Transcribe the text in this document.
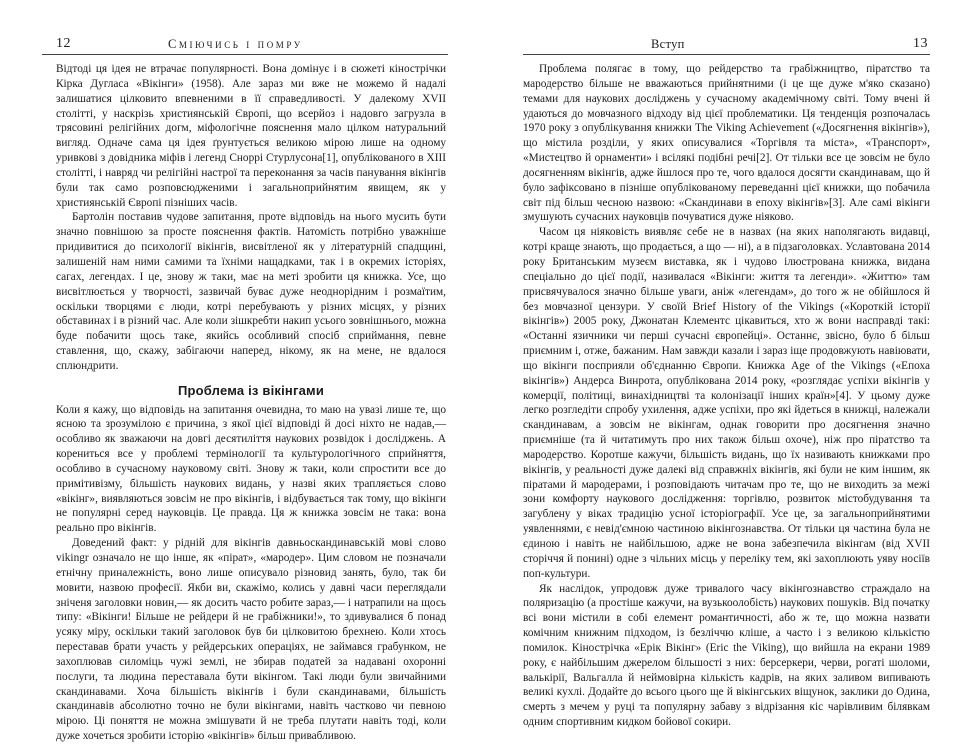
12	Сміючись і помру

Відтоді ця ідея не втрачає популярності. Вона домінує і в сюжеті кінострічки Кірка Дугласа «Вікінги» (1958). Але зараз ми вже не можемо й надалі залишатися цілковито впевненими в її справедливості. У далекому XVII столітті, у наскрізь християнській Європі, що всерйоз і надовго загрузла в трясовині релігійних догм, міфологічне пояснення мало цілком натуральний вигляд. Одначе сама ця ідея ґрунтується великою мірою лише на одному уривкові з довідника міфів і легенд Сноррі Стурлусона[1], опублікованого в XIII столітті, і навряд чи релігійні настрої та переконання за часів панування вікінгів були так само розповсюдженими і загальноприйнятим явищем, як у християнській Європі пізніших часів.

Бартолін поставив чудове запитання, проте відповідь на нього мусить бути значно повнішою за просте пояснення фактів. Натомість потрібно уважніше придивитися до психології вікінгів, висвітленої як у літературній спадщині, залишеній нам ними самими та їхніми нащадками, так і в окремих історіях, сагах, легендах. І це, знову ж таки, має на меті зробити ця книжка. Усе, що висвітлюється у творчості, зазвичай буває дуже неоднорідним і розмаїтим, оскільки творцями є люди, котрі перебувають у різних місцях, у різних обставинах і в різний час. Але коли зішкребти накип усього зовнішнього, можна буде побачити щось таке, якийсь особливий спосіб сприймання, певне ставлення, що, скажу, забігаючи наперед, нікому, як на мене, не вдалося сплюндрити.

Проблема із вікінгами

Коли я кажу, що відповідь на запитання очевидна, то маю на увазі лише те, що ясною та зрозумілою є причина, з якої цієї відповіді й досі ніхто не надав,— особливо як зважаючи на довгі десятиліття наукових розвідок і досліджень. А корениться все у проблемі термінології та культурологічного сприйняття, особливо в сучасному науковому світі. Знову ж таки, коли спростити все до примітивізму, більшість наукових видань, у назві яких трапляється слово «вікінг», виявляються зовсім не про вікінгів, і відбувається так тому, що вікінги не популярні серед науковців. Це правда. Ця ж книжка зовсім не така: вона реально про вікінгів.

Доведений факт: у рідній для вікінгів давньоскандинавській мові слово vikingr означало не що інше, як «пірат», «мародер». Цим словом не позначали етнічну приналежність, воно лише описувало різновид занять, було, так би мовити, назвою професії. Якби ви, скажімо, колись у давні часи переглядали зніченя заголовки новин,— як досить часто робите зараз,— і натрапили на щось типу: «Вікінги! Більше не рейдери й не грабіжники!», то здивувалися б понад усяку міру, оскільки такий заголовок був би цілковитою брехнею. Коли хтось переставав брати участь у рейдерських операціях, не займався грабунком, не захоплював силоміць чужі землі, не збирав податей за надавані охоронні послуги, та людина переставала бути вікінгом. Такі люди були звичайними скандинавами. Хоча більшість вікінгів і були скандинавами, більшість скандинавів абсолютно точно не були вікінгами, навіть частково чи певною мірою. Ці поняття не можна змішувати й не треба плутати навіть тоді, коли дуже хочеться зробити історію «вікінгів» більш привабливою.

Вступ	13

Проблема полягає в тому, що рейдерство та грабіжництво, піратство та мародерство більше не вважаються прийнятними (і це ще дуже м'яко сказано) темами для наукових досліджень у сучасному академічному світі. Тому вчені й удаються до мовчазного відходу від цієї проблематики. Ця тенденція розпочалась 1970 року з опублікування книжки The Viking Achievement («Досягнення вікінгів»), що містила розділи, у яких описувалися «Торгівля та міста», «Транспорт», «Мистецтво й орнаменти» і всілякі подібні речі[2]. От тільки все це зовсім не було досягненням вікінгів, адже йшлося про те, чого вдалося досягти скандинавам, що й було зафіксовано в пізніше опублікованому переведанні цієї книжки, що побачила світ під більш чесною назвою: «Скандинави в епоху вікінгів»[3]. Але самі вікінги змушують сучасних науковців почуватися дуже ніяково.

Часом ця ніяковість виявляє себе не в назвах (на яких наполягають видавці, котрі краще знають, що продається, а що — ні), а в підзаголовках. Уславтована 2014 року Британським музеєм виставка, як і чудово ілюстрована книжка, видана спеціально до цієї події, називалася «Вікінги: життя та легенди». «Життю» там присвячувалося значно більше уваги, аніж «легендам», до того ж не обійшлося й без мовчазної цензури. У своїй Brief History of the Vikings («Короткій історії вікінгів») 2005 року, Джонатан Клементс цікавиться, хто ж вони насправді такі: «Останні язичники чи перші сучасні європейці». Останнє, звісно, було б більш приємним і, отже, бажаним. Нам завжди казали і зараз іще продовжують навіювати, що вікінги посприяли об'єднанню Європи. Книжка Age of the Vikings («Епоха вікінгів») Андерса Винрота, опублікована 2014 року, «розглядає успіхи вікінгів у комерції, політиці, винахідництві та колонізації інших країн»[4]. У цьому дуже легко розгледіти спробу ухилення, адже успіхи, про які йдеться в книжці, належали скандинавам, а зовсім не вікінгам, однак говорити про досягнення значно приємніше (та й читатимуть про них також більш охоче), ніж про піратство та мародерство. Коротше кажучи, більшість видань, що їх називають книжками про вікінгів, у реальності дуже далекі від справжніх вікінгів, які були не ким іншим, як піратами й мародерами, і розповідають читачам про те, що не виходить за межі зони комфорту наукового дослідження: торгівлю, розвиток містобудування та загублену у віках традицію усної історіографії. Усе це, за загальноприйнятими уявленнями, є невід'ємною частиною вікінгознавства. От тільки ця частина була не єдиною і навіть не найбільшою, адже не вона забезпечила вікінгам (від XVII сторіччя й понині) одне з чільних місць у переліку тем, які захоплюють уяву носіїв поп-культури.

Як наслідок, упродовж дуже тривалого часу вікінгознавство страждало на поляризацію (а простіше кажучи, на вузькоолобість) наукових пошуків. Від початку всі вони містили в собі елемент романтичності, або ж те, що можна назвати комічним книжним підходом, із безліччю кліше, а часто і з великою кількістю помилок. Кінострічка «Ерік Вікінг» (Eric the Viking), що вийшла на екрани 1989 року, є найбільшим джерелом більшості з них: берсеркери, черви, рогаті шоломи, валькірії, Вальгалла й неймовірна кількість кадрів, на яких заливом випивають великі кухлі. Додайте до всього цього ще й вікінгських віщунок, заклики до Одина, смерть з мечем у руці та популярну забаву з відрізання кіс чарівливим білявкам одним спортивним кидком бойової сокири.
